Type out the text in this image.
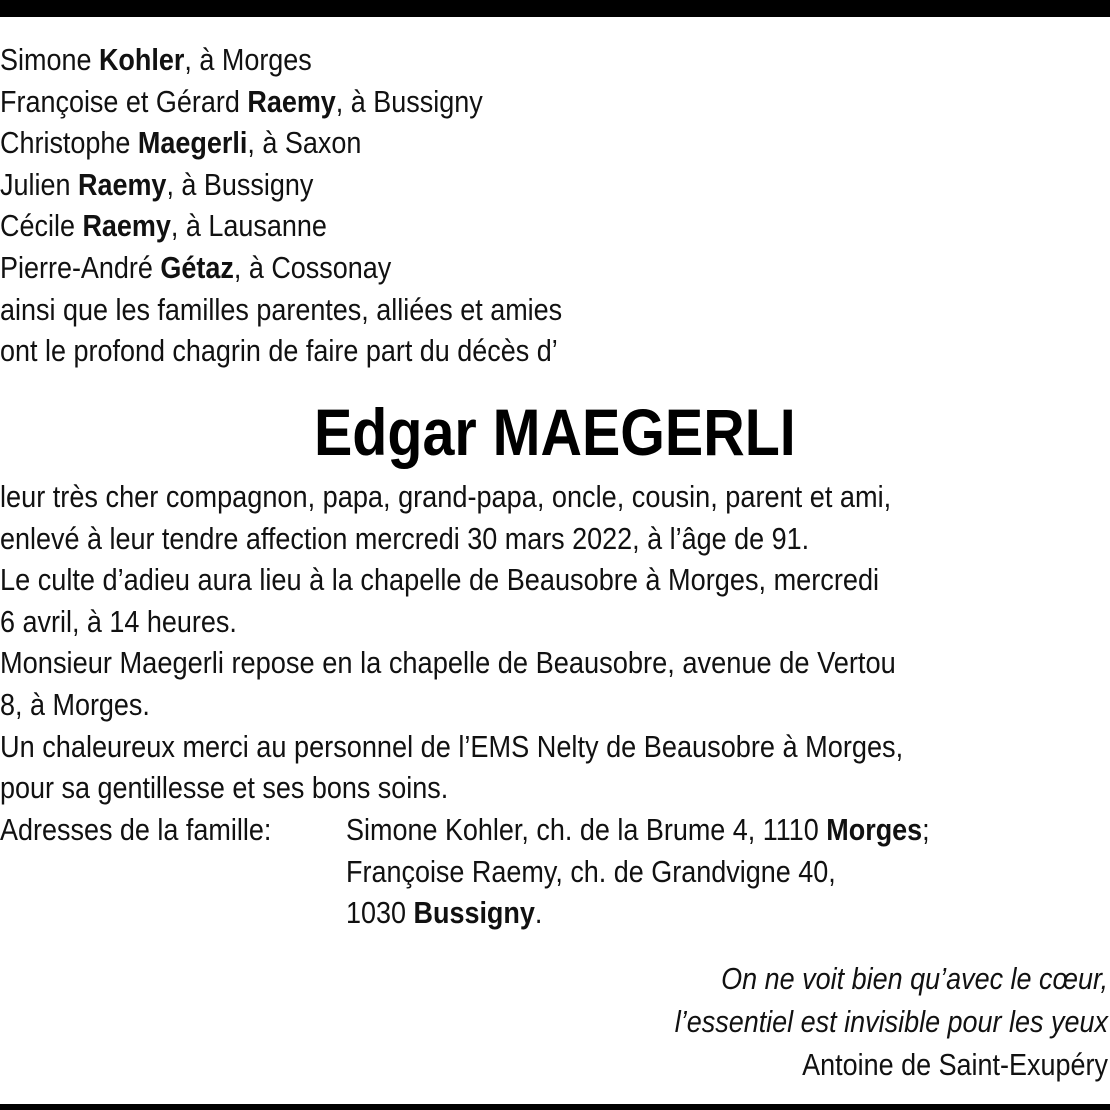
Simone Kohler, à Morges
Françoise et Gérard Raemy, à Bussigny
Christophe Maegerli, à Saxon
Julien Raemy, à Bussigny
Cécile Raemy, à Lausanne
Pierre-André Gétaz, à Cossonay
ainsi que les familles parentes, alliées et amies
ont le profond chagrin de faire part du décès d’
Edgar MAEGERLI
leur très cher compagnon, papa, grand-papa, oncle, cousin, parent et ami,
enlevé à leur tendre affection mercredi 30 mars 2022, à l’âge de 91.
Le culte d’adieu aura lieu à la chapelle de Beausobre à Morges, mercredi
6 avril, à 14 heures.
Monsieur Maegerli repose en la chapelle de Beausobre, avenue de Vertou
8, à Morges.
Un chaleureux merci au personnel de l’EMS Nelty de Beausobre à Morges,
pour sa gentillesse et ses bons soins.
Adresses de la famille: Simone Kohler, ch. de la Brume 4, 1110 Morges;
Françoise Raemy, ch. de Grandvigne 40,
1030 Bussigny.
On ne voit bien qu’avec le cœur,
l’essentiel est invisible pour les yeux
Antoine de Saint-Exupéry
